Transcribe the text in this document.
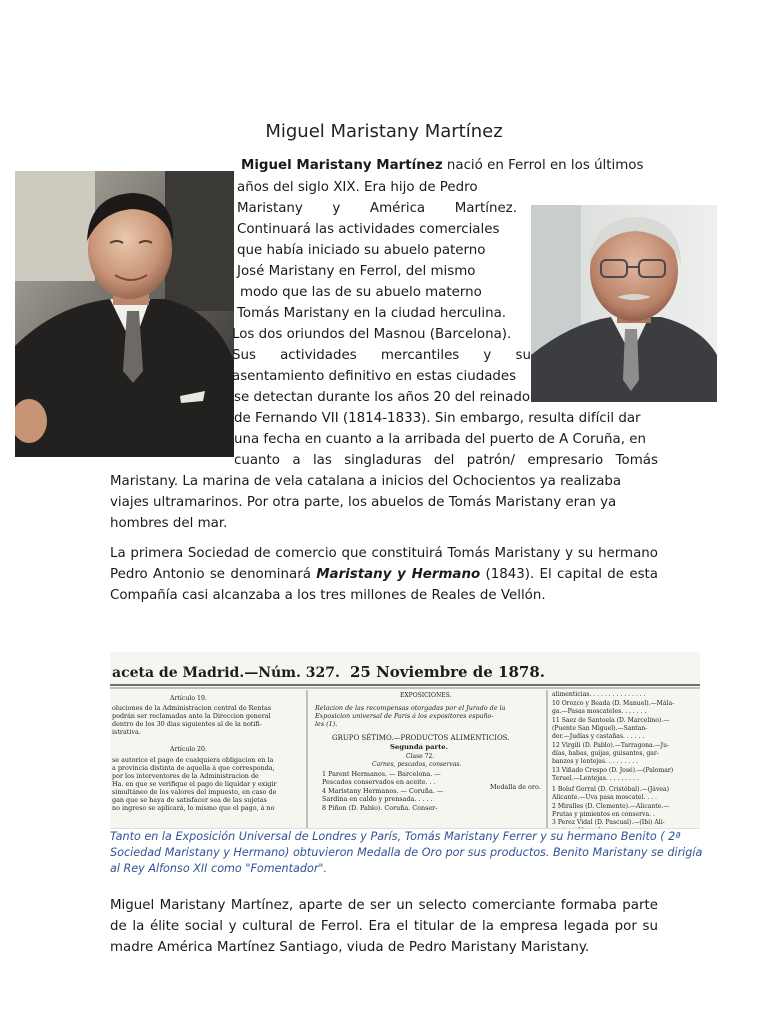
Miguel Maristany Martínez
Miguel Maristany Martínez nació en Ferrol en los últimos
años del siglo XIX. Era hijo de Pedro
Maristany y América Martínez.
Continuará las actividades comerciales
que había iniciado su abuelo paterno
José Maristany en Ferrol, del mismo
modo que las de su abuelo materno
Tomás Maristany en la ciudad herculina.
Los dos oriundos del Masnou (Barcelona).
Sus actividades mercantiles y su
asentamiento definitivo en estas ciudades
se detectan durante los años 20 del reinado
de Fernando VII (1814-1833). Sin embargo, resulta difícil dar
una fecha en cuanto a la arribada del puerto de A Coruña, en
cuanto a las singladuras del patrón/ empresario Tomás
Maristany. La marina de vela catalana a inicios del Ochocientos ya realizaba
viajes ultramarinos. Por otra parte, los abuelos de Tomás Maristany eran ya
hombres del mar.

La primera Sociedad de comercio que constituirá Tomás Maristany y su hermano Pedro Antonio se denominará Maristany y Hermano (1843). El capital de esta Compañía casi alcanzaba a los tres millones de Reales de Vellón.

aceta de Madrid.—Núm. 327. 25 Noviembre de 1878.
Artículo 19.
oluciones de la Administracion central de Rentas
podrán ser reclamadas ante la Direccion general
dentro de los 30 dias siguientes al de la notifi-
istrativa.
Artículo 20.
se autorice el pago de cualquiera obligacion en la
a provincia distinta de aquella á que corresponda,
por los interventores de la Administracion de
Ha. en que se verifique el pago de liquidar y exigir
simultáneo de los valores del impuesto, en caso de
gan que se haya de satisfacer sea de las sujetas
no ingreso se aplicará, lo mismo que el pago, á no
EXPOSICIONES.
Relacion de las recompensas otorgadas por el Jurado de la
Exposicion universal de Paris á los expositores españo-
les (1).
GRUPO SÉTIMO.—PRODUCTOS ALIMENTICIOS.
Segunda parte.
Clase 72.
Carnes, pescados, conservas.
1 Parent Hermanos. — Barcelona. —
Pescados conservados en aceite. . .
4 Maristany Hermanos. — Coruña. —
Sardina en caldo y prensada. . . . .
8 Piñon (D. Pablo). Coruña. Conser-
Medalla de oro.
alimenticias. . . . . . . . . . . . . . .
10 Orozco y Beada (D. Manuel).—Mála-
ga.—Pasas moscateles. . . . . . .
11 Saez de Santoela (D. Marcelino).—
(Puente San Miguel).—Santan-
der.—Judías y castañas. . . . . .
12 Virgili (D. Pablo).—Tarragona.—Ju-
días, habas, guijas, guisantes, gar-
banzos y lentejas. . . . . . . . .
13 Viñado Crespo (D. José).—(Palomar)
Teruel.—Lentejas. . . . . . . . .
1 Boluf Gorral (D. Cristóbal).—(Jávea)
Alicante.—Uva pasa moscatel. . . .
2 Miralles (D. Clemente).—Alicante.—
Frutas y pimientos en conserva. .
3 Perez Vidal (D. Pascual).—(Ibi) Ali-

Tanto en la Exposición Universal de Londres y París, Tomás Maristany Ferrer y su hermano Benito ( 2ª Sociedad Maristany y Hermano) obtuvieron Medalla de Oro por sus productos. Benito Maristany se dirigía al Rey Alfonso XII como "Fomentador".

Miguel Maristany Martínez, aparte de ser un selecto comerciante formaba parte de la élite social y cultural de Ferrol. Era el titular de la empresa legada por su madre América Martínez Santiago, viuda de Pedro Maristany Maristany.
